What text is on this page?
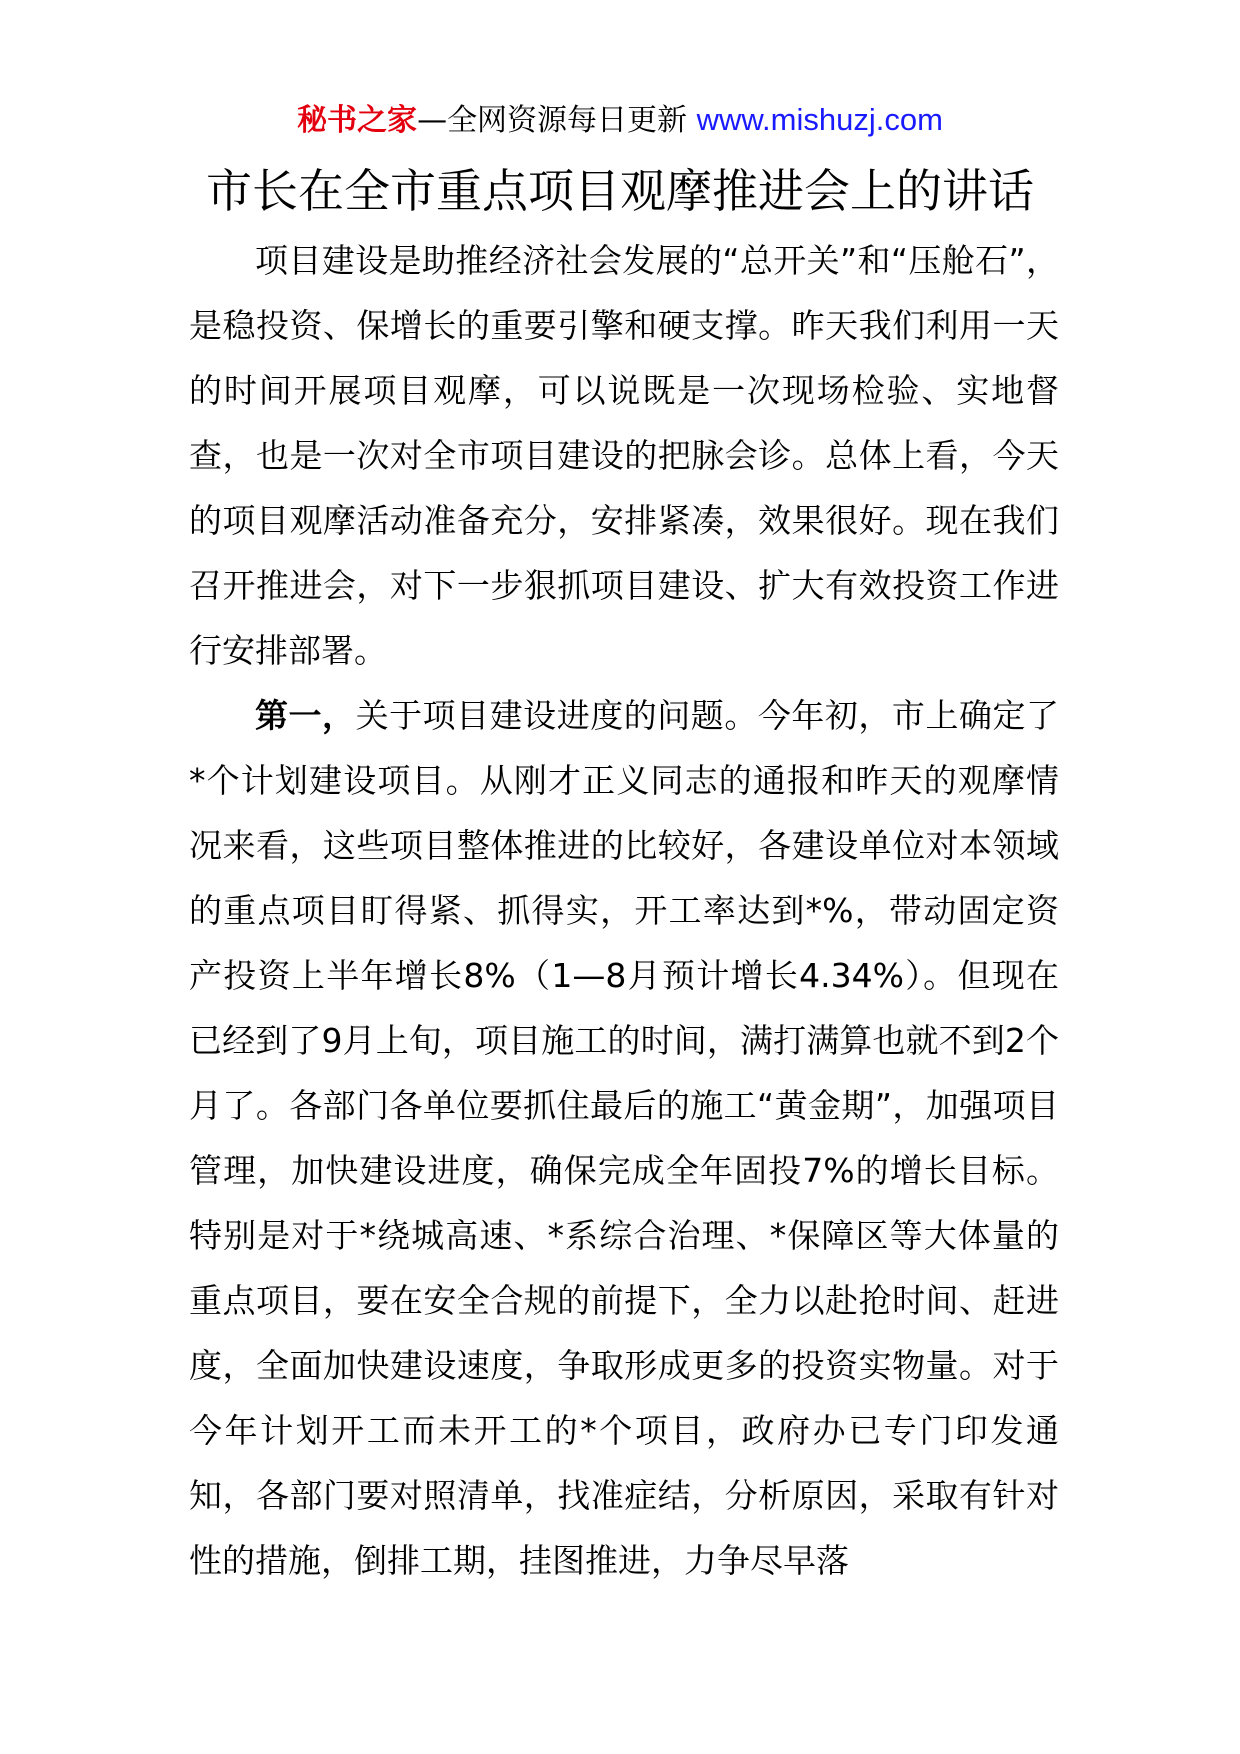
秘书之家—全网资源每日更新 www.mishuzj.com
市长在全市重点项目观摩推进会上的讲话

项目建设是助推经济社会发展的“总开关”和“压舱石”，是稳投资、保增长的重要引擎和硬支撑。昨天我们利用一天的时间开展项目观摩，可以说既是一次现场检验、实地督查，也是一次对全市项目建设的把脉会诊。总体上看，今天的项目观摩活动准备充分，安排紧凑，效果很好。现在我们召开推进会，对下一步狠抓项目建设、扩大有效投资工作进行安排部署。

第一，关于项目建设进度的问题。今年初，市上确定了*个计划建设项目。从刚才正义同志的通报和昨天的观摩情况来看，这些项目整体推进的比较好，各建设单位对本领域的重点项目盯得紧、抓得实，开工率达到*%，带动固定资产投资上半年增长8%（1—8月预计增长4.34%）。但现在已经到了9月上旬，项目施工的时间，满打满算也就不到2个月了。各部门各单位要抓住最后的施工“黄金期”，加强项目管理，加快建设进度，确保完成全年固投7%的增长目标。特别是对于*绕城高速、*系综合治理、*保障区等大体量的重点项目，要在安全合规的前提下，全力以赴抢时间、赶进度，全面加快建设速度，争取形成更多的投资实物量。对于今年计划开工而未开工的*个项目，政府办已专门印发通知，各部门要对照清单，找准症结，分析原因，采取有针对性的措施，倒排工期，挂图推进，力争尽早落
